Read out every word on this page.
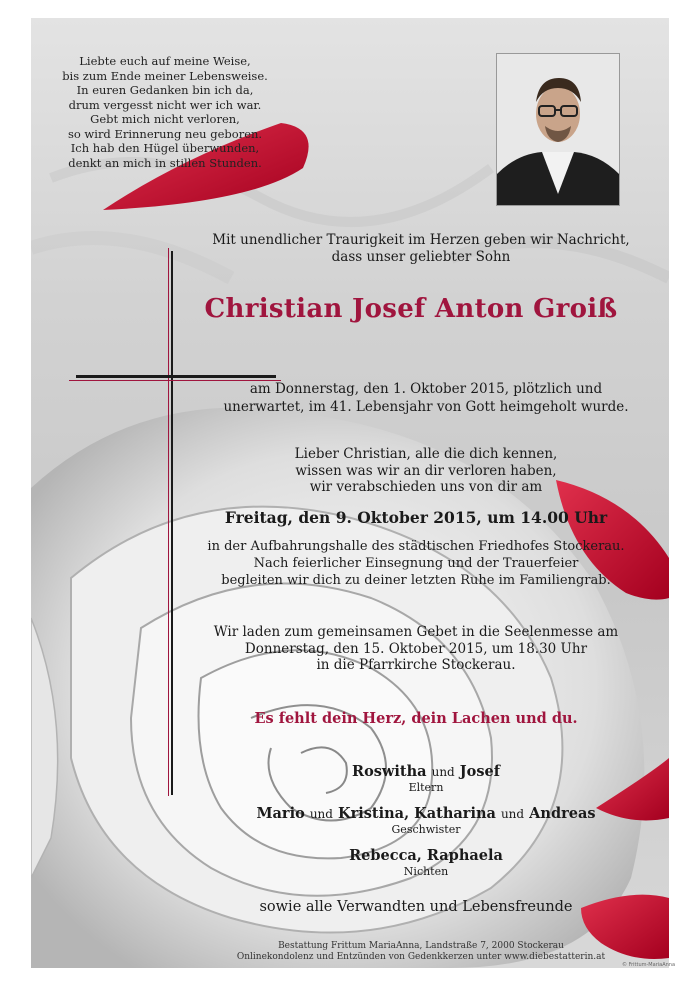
Liebte euch auf meine Weise,
bis zum Ende meiner Lebensweise.
In euren Gedanken bin ich da,
drum vergesst nicht wer ich war.
Gebt mich nicht verloren,
so wird Erinnerung neu geboren.
Ich hab den Hügel überwunden,
denkt an mich in stillen Stunden.
Mit unendlicher Traurigkeit im Herzen geben wir Nachricht,
dass unser geliebter Sohn
Christian Josef Anton Groiß
am Donnerstag, den 1. Oktober 2015, plötzlich und
unerwartet, im 41. Lebensjahr von Gott heimgeholt wurde.
Lieber Christian, alle die dich kennen,
wissen was wir an dir verloren haben,
wir verabschieden uns von dir am
Freitag, den 9. Oktober 2015, um 14.00 Uhr
in der Aufbahrungshalle des städtischen Friedhofes Stockerau.
Nach feierlicher Einsegnung und der Trauerfeier
begleiten wir dich zu deiner letzten Ruhe im Familiengrab.
Wir laden zum gemeinsamen Gebet in die Seelenmesse am
Donnerstag, den 15. Oktober 2015, um 18.30 Uhr
in die Pfarrkirche Stockerau.
Es fehlt dein Herz, dein Lachen und du.
Roswitha und Josef
Eltern
Mario und Kristina, Katharina und Andreas
Geschwister
Rebecca, Raphaela
Nichten
sowie alle Verwandten und Lebensfreunde
Bestattung Frittum MariaAnna, Landstraße 7, 2000 Stockerau
Onlinekondolenz und Entzünden von Gedenkkerzen unter www.diebestatterin.at
© Frittum-MariaAnna
